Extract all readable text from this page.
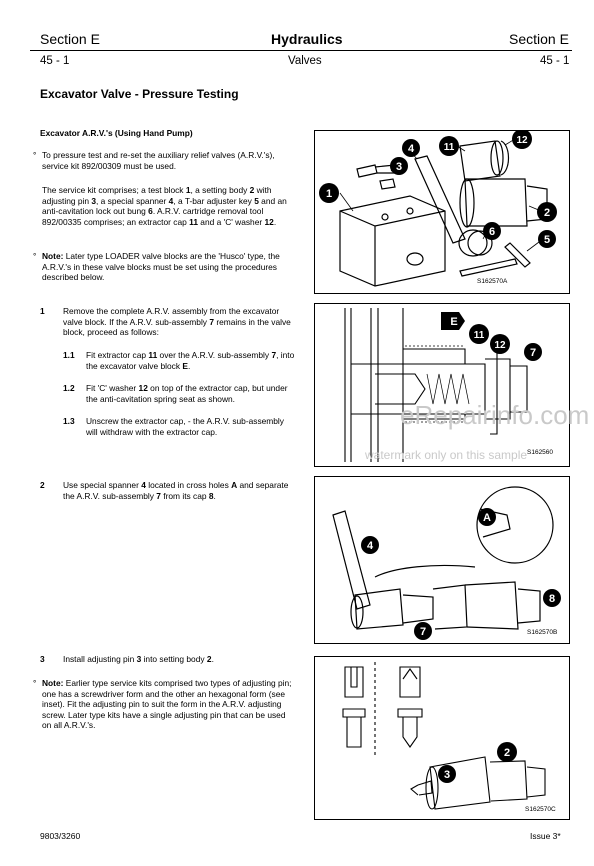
Section E	Hydraulics	Section E
45 - 1	Valves	45 - 1
Excavator Valve - Pressure Testing
Excavator A.R.V.'s (Using Hand Pump)
° To pressure test and re-set the auxiliary relief valves (A.R.V.'s), service kit 892/00309 must be used.
The service kit comprises; a test block 1, a setting body 2 with adjusting pin 3, a special spanner 4, a T-bar adjuster key 5 and an anti-cavitation lock out bung 6. A.R.V. cartridge removal tool 892/00335 comprises; an extractor cap 11 and a 'C' washer 12.
° Note: Later type LOADER valve blocks are the 'Husco' type, the A.R.V.'s in these valve blocks must be set using the procedures described below.
1 Remove the complete A.R.V. assembly from the excavator valve block. If the A.R.V. sub-assembly 7 remains in the valve block, proceed as follows:
1.1 Fit extractor cap 11 over the A.R.V. sub-assembly 7, into the excavator valve block E.
1.2 Fit 'C' washer 12 on top of the extractor cap, but under the anti-cavitation spring seat as shown.
1.3 Unscrew the extractor cap, - the A.R.V. sub-assembly will withdraw with the extractor cap.
2 Use special spanner 4 located in cross holes A and separate the A.R.V. sub-assembly 7 from its cap 8.
3 Install adjusting pin 3 into setting body 2.
° Note: Earlier type service kits comprised two types of adjusting pin; one has a screwdriver form and the other an hexagonal form (see inset). Fit the adjusting pin to suit the form in the A.R.V. adjusting screw. Later type kits have a single adjusting pin that can be used on all A.R.V.'s.
1
3
4	11
12
2
6
5
S162570A
E
11
12
7
S162560
A
4
7
8
S162570B
2
3
S162570C
eRepairinfo.com
watermark only on this sample
9803/3260	Issue 3*
